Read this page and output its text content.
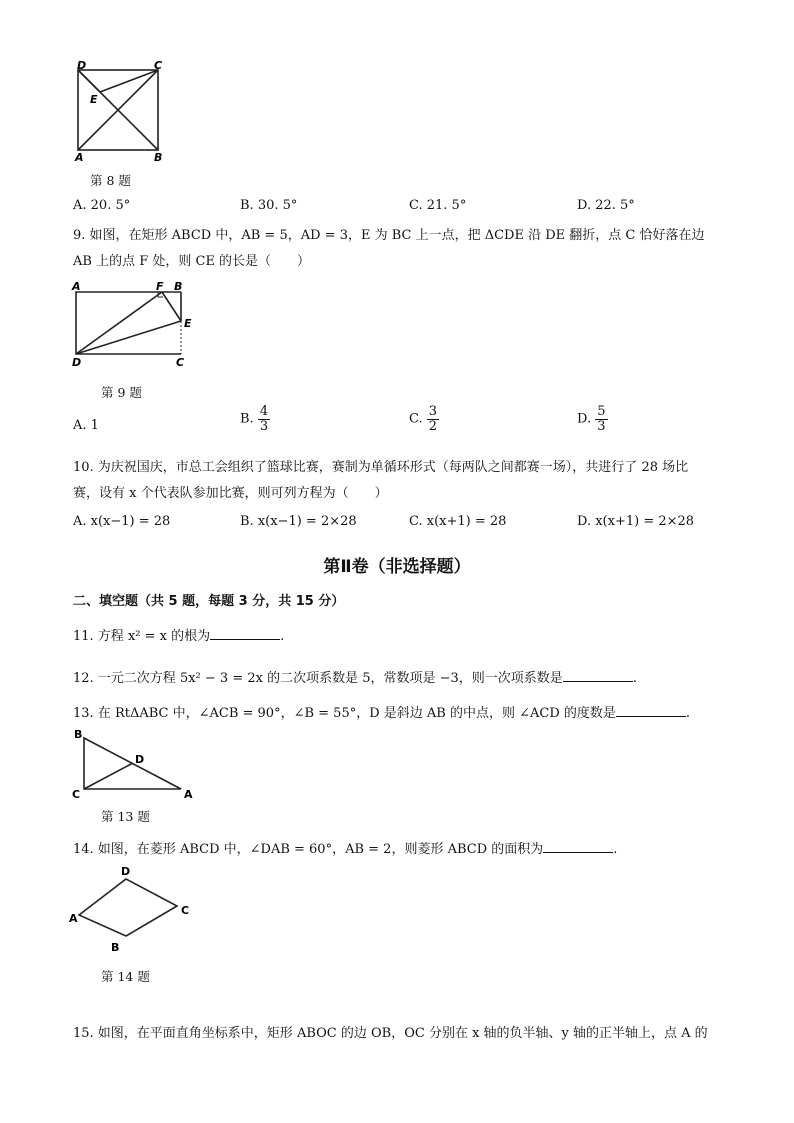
D	C
E
A	B
第 8 题
A. 20. 5°	B. 30. 5°	C. 21. 5°	D. 22. 5°
9. 如图，在矩形 ABCD 中，AB = 5，AD = 3，E 为 BC 上一点，把 ΔCDE 沿 DE 翻折，点 C 恰好落在边
AB 上的点 F 处，则 CE 的长是（　　）
A	F B
E
D	C
第 9 题
A. 1	B. $\frac{4}{3}$	C. $\frac{3}{2}$	D. $\frac{5}{3}$
10. 为庆祝国庆，市总工会组织了篮球比赛，赛制为单循环形式（每两队之间都赛一场），共进行了 28 场比
赛，设有 x 个代表队参加比赛，则可列方程为（　　）
A. x(x−1) = 28	B. x(x−1) = 2×28	C. x(x+1) = 28	D. x(x+1) = 2×28
第Ⅱ卷（非选择题）
二、填空题（共 5 题，每题 3 分，共 15 分）
11. 方程 x² = x 的根为	.
12. 一元二次方程 5x² − 3 = 2x 的二次项系数是 5，常数项是 −3，则一次项系数是	.
13. 在 RtΔABC 中，∠ACB = 90°，∠B = 55°，D 是斜边 AB 的中点，则 ∠ACD 的度数是	.
B
D
C	A
第 13 题
14. 如图，在菱形 ABCD 中，∠DAB = 60°，AB = 2，则菱形 ABCD 的面积为	.
D
A
C
B
第 14 题
15. 如图，在平面直角坐标系中，矩形 ABOC 的边 OB，OC 分别在 x 轴的负半轴、y 轴的正半轴上，点 A 的
